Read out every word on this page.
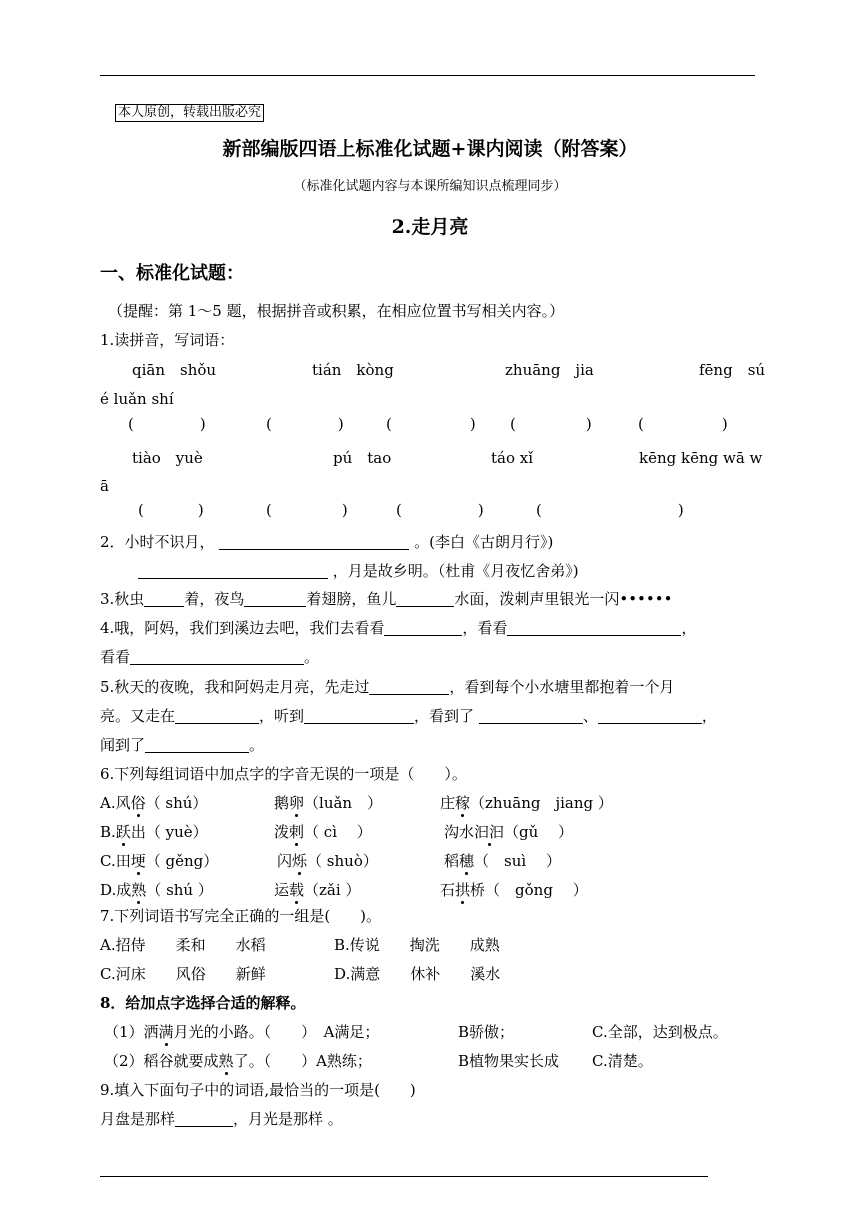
本人原创，转载出版必究
新部编版四语上标准化试题+课内阅读（附答案）
（标准化试题内容与本课所编知识点梳理同步）
2.走月亮
一、标准化试题：
（提醒：第 1～5 题，根据拼音或积累，在相应位置书写相关内容。）
1.读拼音，写词语：
qiān　shǒu	tián　kòng	zhuāng　jia	fēng　sú
é luǎn shí
(	)	(	)	(	) (	)	(	)
tiào　yuè	pú　tao	táo xǐ	kēng kēng wā w
ā
(	)	(	)	(	)	(	)
2．小时不识月，	。(李白《古朗月行》)
，月是故乡明。（杜甫《月夜忆舍弟》)
3.秋虫	着，夜鸟	着翅膀，鱼儿	水面，泼刺声里银光一闪••••••
4.哦，阿妈，我们到溪边去吧，我们去看看	，看看	，
看看	。
5.秋天的夜晚，我和阿妈走月亮，先走过	，看到每个小水塘里都抱着一个月
亮。又走在	，听到	，看到了	、	，
闻到了	。
6.下列每组词语中加点字的字音无误的一项是（　　）。
A.风俗（ shú）	鹅卵（luǎn　）	庄稼（zhuāng　jiang ）
B.跃出（ yuè）	泼剌（ cì　 ）	沟水汩汩（gǔ　 ）
C.田埂（ gěng）	闪烁（ shuò）	稻穗（　suì　 ）
D.成熟（ shú ）	运载（zǎi ）	石拱桥（　gǒng　 ）
7.下列词语书写完全正确的一组是(　　)。
A.招侍　　柔和　　水稻	B.传说　　掏洗　　成熟
C.河床　　风俗　　新鲜	D.满意　　休补　　溪水
8．给加点字选择合适的解释。
（1）洒满月光的小路。（　　）　A满足；	B骄傲；	C.全部，达到极点。
（2）稻谷就要成熟了。（　　）A熟练；	B植物果实长成 C.清楚。
9.填入下面句子中的词语,最恰当的一项是(　　)
月盘是那样	，月光是那样 。
